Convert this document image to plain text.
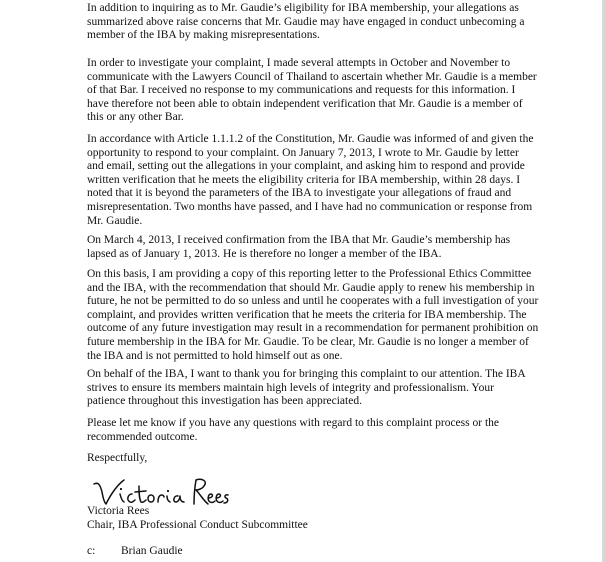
In addition to inquiring as to Mr. Gaudie’s eligibility for IBA membership, your allegations as
summarized above raise concerns that Mr. Gaudie may have engaged in conduct unbecoming a
member of the IBA by making misrepresentations.
In order to investigate your complaint, I made several attempts in October and November to
communicate with the Lawyers Council of Thailand to ascertain whether Mr. Gaudie is a member
of that Bar. I received no response to my communications and requests for this information. I
have therefore not been able to obtain independent verification that Mr. Gaudie is a member of
this or any other Bar.
In accordance with Article 1.1.1.2 of the Constitution, Mr. Gaudie was informed of and given the
opportunity to respond to your complaint. On January 7, 2013, I wrote to Mr. Gaudie by letter
and email, setting out the allegations in your complaint, and asking him to respond and provide
written verification that he meets the eligibility criteria for IBA membership, within 28 days. I
noted that it is beyond the parameters of the IBA to investigate your allegations of fraud and
misrepresentation. Two months have passed, and I have had no communication or response from
Mr. Gaudie.
On March 4, 2013, I received confirmation from the IBA that Mr. Gaudie’s membership has
lapsed as of January 1, 2013. He is therefore no longer a member of the IBA.
On this basis, I am providing a copy of this reporting letter to the Professional Ethics Committee
and the IBA, with the recommendation that should Mr. Gaudie apply to renew his membership in
future, he not be permitted to do so unless and until he cooperates with a full investigation of your
complaint, and provides written verification that he meets the criteria for IBA membership. The
outcome of any future investigation may result in a recommendation for permanent prohibition on
future membership in the IBA for Mr. Gaudie. To be clear, Mr. Gaudie is no longer a member of
the IBA and is not permitted to hold himself out as one.
On behalf of the IBA, I want to thank you for bringing this complaint to our attention. The IBA
strives to ensure its members maintain high levels of integrity and professionalism. Your
patience throughout this investigation has been appreciated.
Please let me know if you have any questions with regard to this complaint process or the
recommended outcome.
Respectfully,
Victoria Rees
Chair, IBA Professional Conduct Subcommittee
c: Brian Gaudie
